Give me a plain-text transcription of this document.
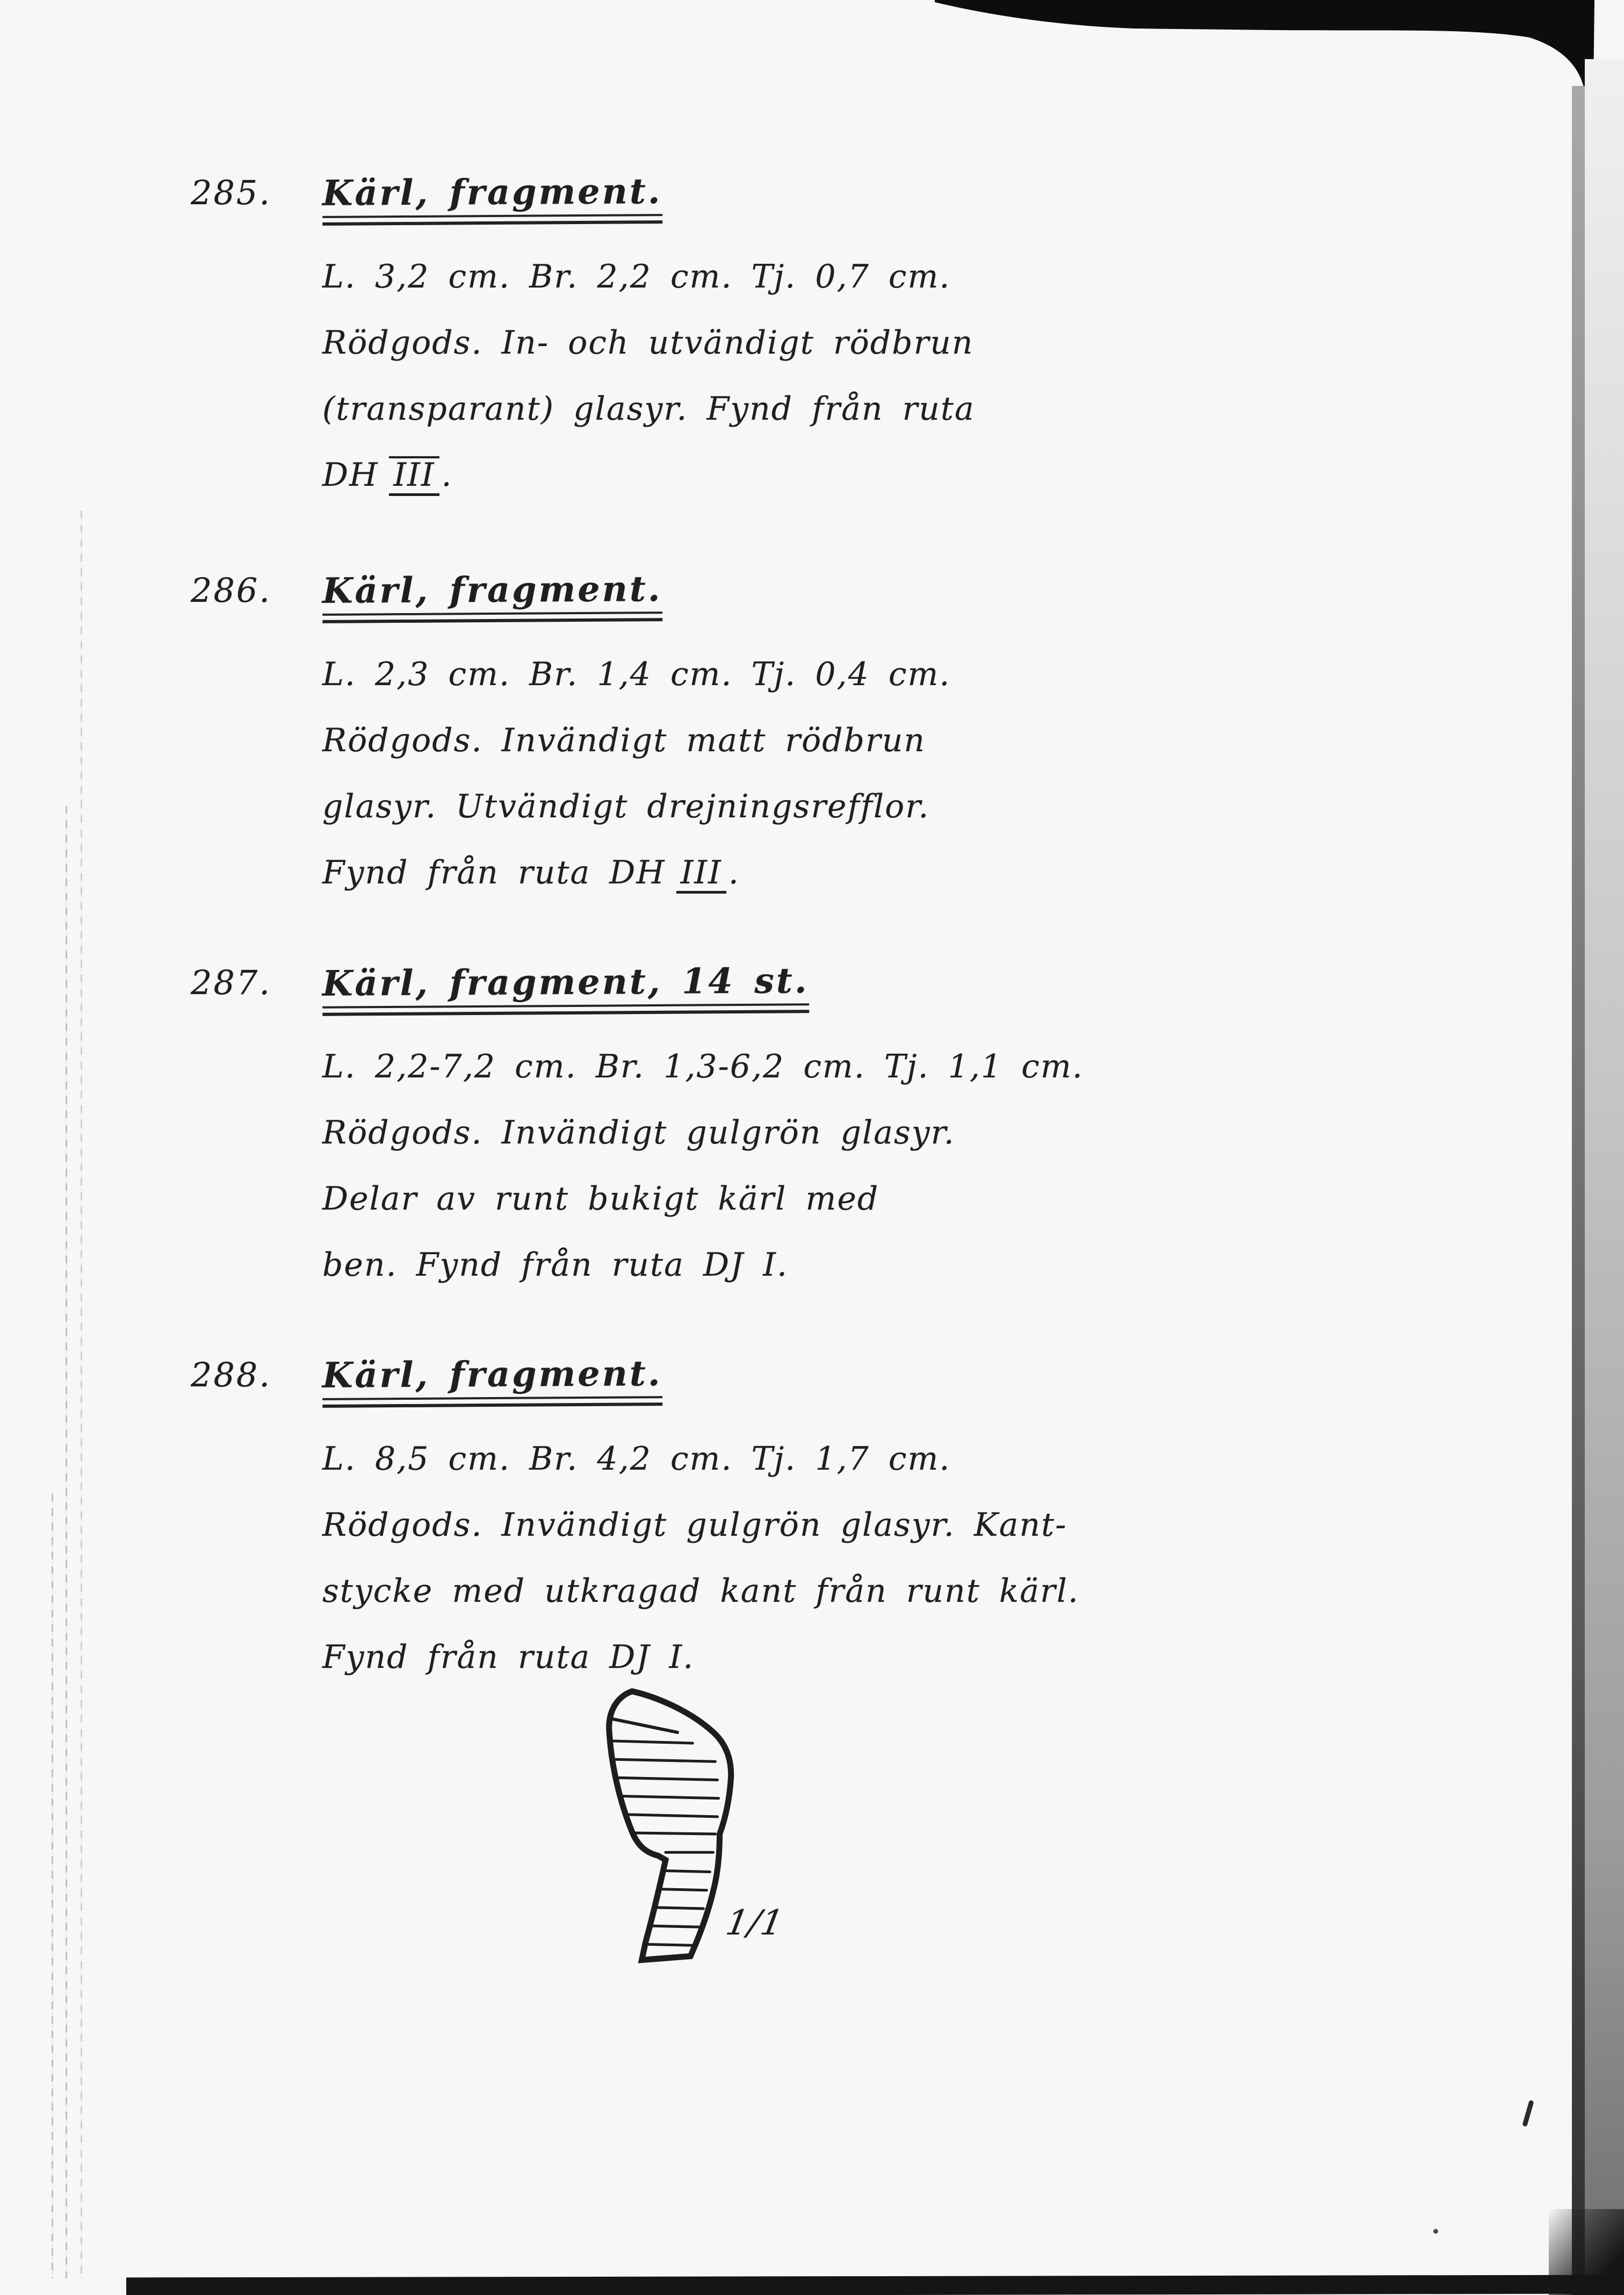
285.	Kärl, fragment.
L. 3,2 cm. Br. 2,2 cm. Tj. 0,7 cm.
Rödgods. In- och utvändigt rödbrun
(transparant) glasyr. Fynd från ruta
DH III .
286.	Kärl, fragment.
L. 2,3 cm. Br. 1,4 cm. Tj. 0,4 cm.
Rödgods. Invändigt matt rödbrun
glasyr. Utvändigt drejningsrefflor.
Fynd från ruta DH III .
287.	Kärl, fragment, 14 st.
L. 2,2-7,2 cm. Br. 1,3-6,2 cm. Tj. 1,1 cm.
Rödgods. Invändigt gulgrön glasyr.
Delar av runt bukigt kärl med
ben. Fynd från ruta DJ I.
288.	Kärl, fragment.
L. 8,5 cm. Br. 4,2 cm. Tj. 1,7 cm.
Rödgods. Invändigt gulgrön glasyr. Kant-
stycke med utkragad kant från runt kärl.
Fynd från ruta DJ I.
1/1
